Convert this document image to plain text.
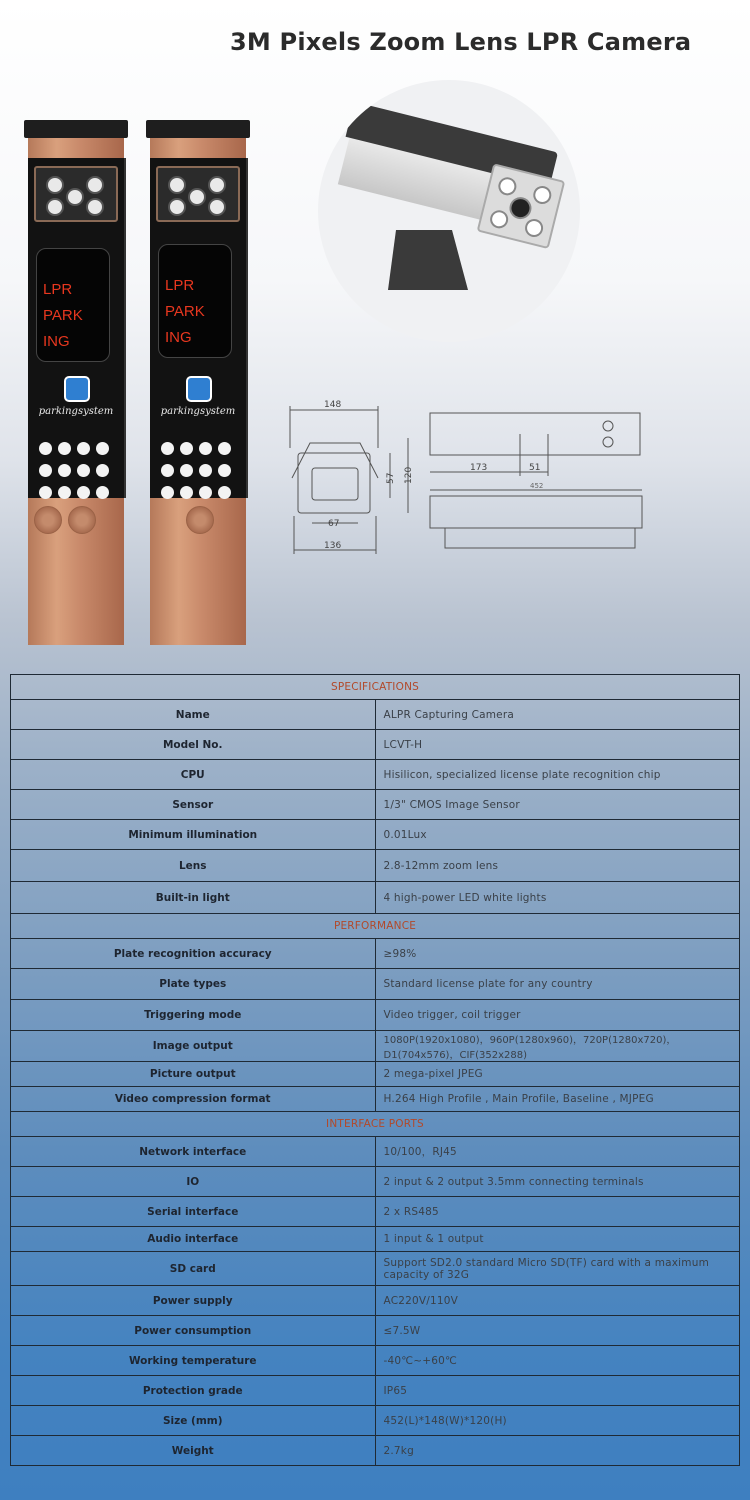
3M Pixels Zoom Lens LPR Camera
LPR
PARK
ING
parkingsystem
LPR
PARK
ING
parkingsystem
148
57 120
67
136
173	51
452
SPECIFICATIONS	
Name	ALPR Capturing Camera
Model No.	LCVT-H
CPU	Hisilicon, specialized license plate recognition chip
Sensor	1/3" CMOS Image Sensor
Minimum illumination	0.01Lux
Lens	2.8-12mm zoom lens
Built-in light	4 high-power LED white lights
PERFORMANCE	
Plate recognition accuracy	≥98%
Plate types	Standard license plate for any country
Triggering mode	Video trigger, coil trigger
Image output	1080P(1920x1080)，960P(1280x960)，720P(1280x720)，D1(704x576)，CIF(352x288)
Picture output	2 mega-pixel JPEG
Video compression format	H.264 High Profile , Main Profile, Baseline , MJPEG
INTERFACE PORTS	
Network interface	10/100，RJ45
IO	2 input & 2 output 3.5mm connecting terminals
Serial interface	2 x RS485
Audio interface	1 input & 1 output
SD card	Support SD2.0 standard Micro SD(TF) card with a maximum capacity of 32G
Power supply	AC220V/110V
Power consumption	≤7.5W
Working temperature	-40℃~+60℃
Protection grade	IP65
Size (mm)	452(L)*148(W)*120(H)
Weight	2.7kg
